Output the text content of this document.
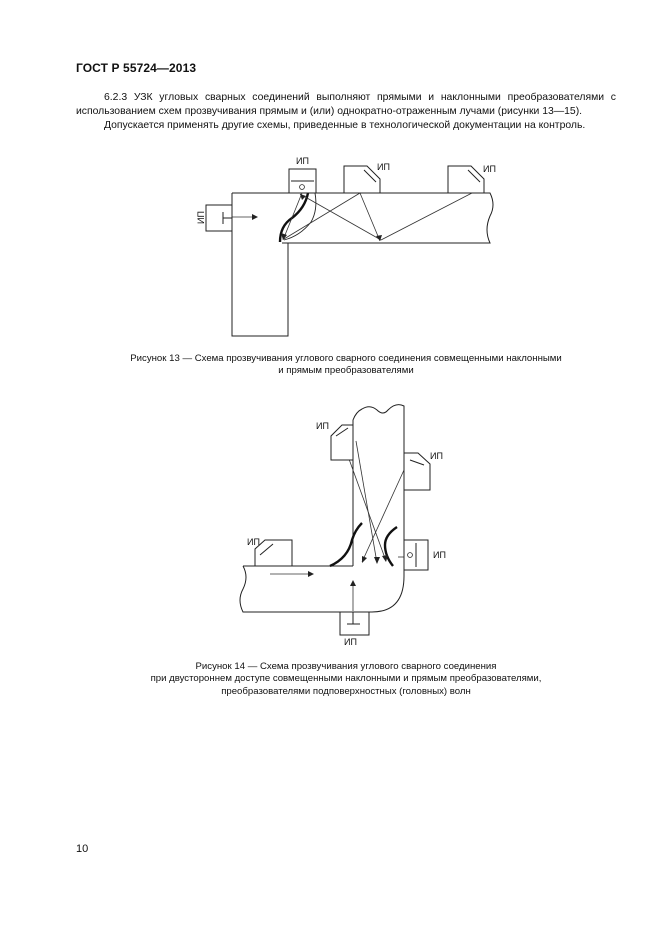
ГОСТ Р 55724—2013

6.2.3 УЗК угловых сварных соединений выполняют прямыми и наклонными преобразователями с

использованием схем прозвучивания прямым и (или) однократно-отраженным лучами (рисунки 13—15).

Допускается применять другие схемы, приведенные в технологической документации на контроль.

ИП
ИП
ИП	ИП
Рисунок 13 — Схема прозвучивания углового сварного соединения совмещенными наклонными
и прямым преобразователями
ИП
ИП
ИП
ИП
ИП
Рисунок 14 — Схема прозвучивания углового сварного соединения
при двустороннем доступе совмещенными наклонными и прямым преобразователями,
преобразователями подповерхностных (головных) волн
10
